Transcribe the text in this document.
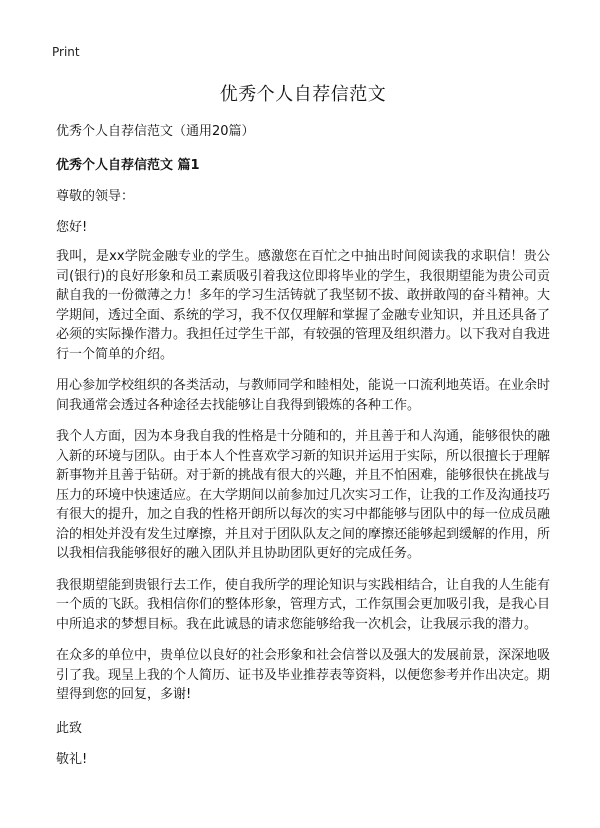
Print
优秀个人自荐信范文

优秀个人自荐信范文（通用20篇）

优秀个人自荐信范文 篇1

尊敬的领导：

您好!

我叫，是xx学院金融专业的学生。感激您在百忙之中抽出时间阅读我的求职信！贵公司(银行)的良好形象和员工素质吸引着我这位即将毕业的学生，我很期望能为贵公司贡献自我的一份微薄之力！多年的学习生活铸就了我坚韧不拔、敢拼敢闯的奋斗精神。大学期间，透过全面、系统的学习，我不仅仅理解和掌握了金融专业知识，并且还具备了必须的实际操作潜力。我担任过学生干部，有较强的管理及组织潜力。以下我对自我进行一个简单的介绍。

用心参加学校组织的各类活动，与教师同学和睦相处，能说一口流利地英语。在业余时间我通常会透过各种途径去找能够让自我得到锻炼的各种工作。

我个人方面，因为本身我自我的性格是十分随和的，并且善于和人沟通，能够很快的融入新的环境与团队。由于本人个性喜欢学习新的知识并运用于实际，所以很擅长于理解新事物并且善于钻研。对于新的挑战有很大的兴趣，并且不怕困难，能够很快在挑战与压力的环境中快速适应。在大学期间以前参加过几次实习工作，让我的工作及沟通技巧有很大的提升，加之自我的性格开朗所以每次的实习中都能够与团队中的每一位成员融洽的相处并没有发生过摩擦，并且对于团队队友之间的摩擦还能够起到缓解的作用，所以我相信我能够很好的融入团队并且协助团队更好的完成任务。

我很期望能到贵银行去工作，使自我所学的理论知识与实践相结合，让自我的人生能有一个质的飞跃。我相信你们的整体形象，管理方式，工作氛围会更加吸引我，是我心目中所追求的梦想目标。我在此诚恳的请求您能够给我一次机会，让我展示我的潜力。

在众多的单位中，贵单位以良好的社会形象和社会信誉以及强大的发展前景，深深地吸引了我。现呈上我的个人简历、证书及毕业推荐表等资料，以便您参考并作出决定。期望得到您的回复，多谢!

此致

敬礼!
